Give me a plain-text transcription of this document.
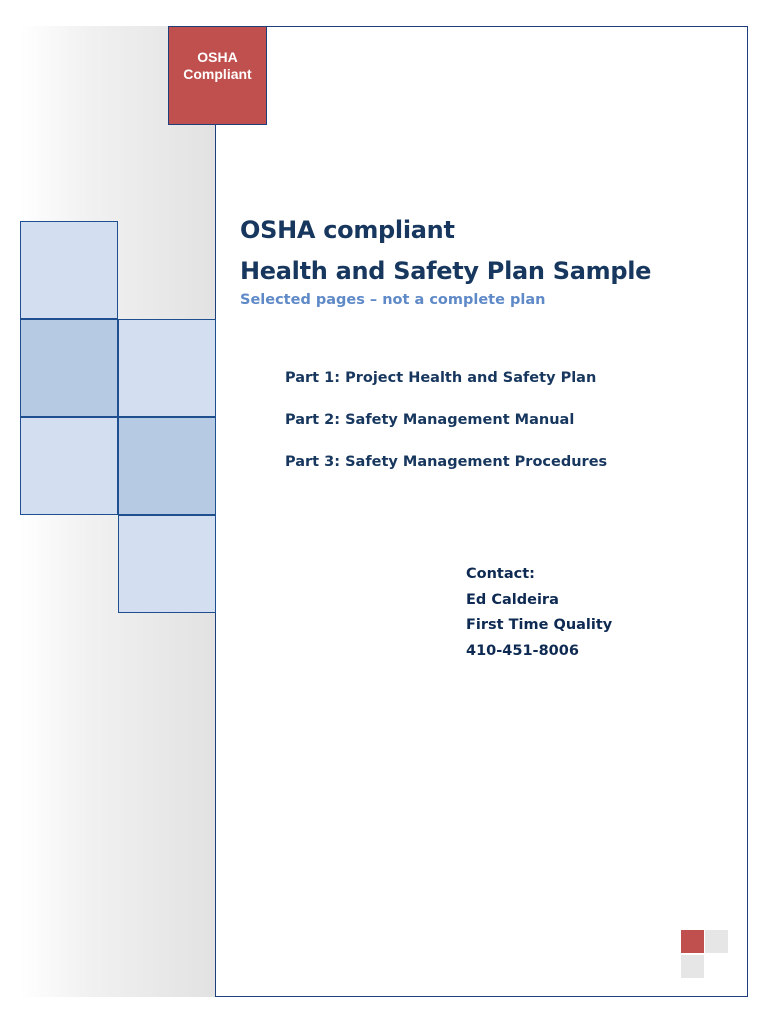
OSHA
Compliant
OSHA compliant
Health and Safety Plan Sample
Selected pages – not a complete plan
Part 1: Project Health and Safety Plan
Part 2: Safety Management Manual
Part 3: Safety Management Procedures
Contact:
Ed Caldeira
First Time Quality
410-451-8006
